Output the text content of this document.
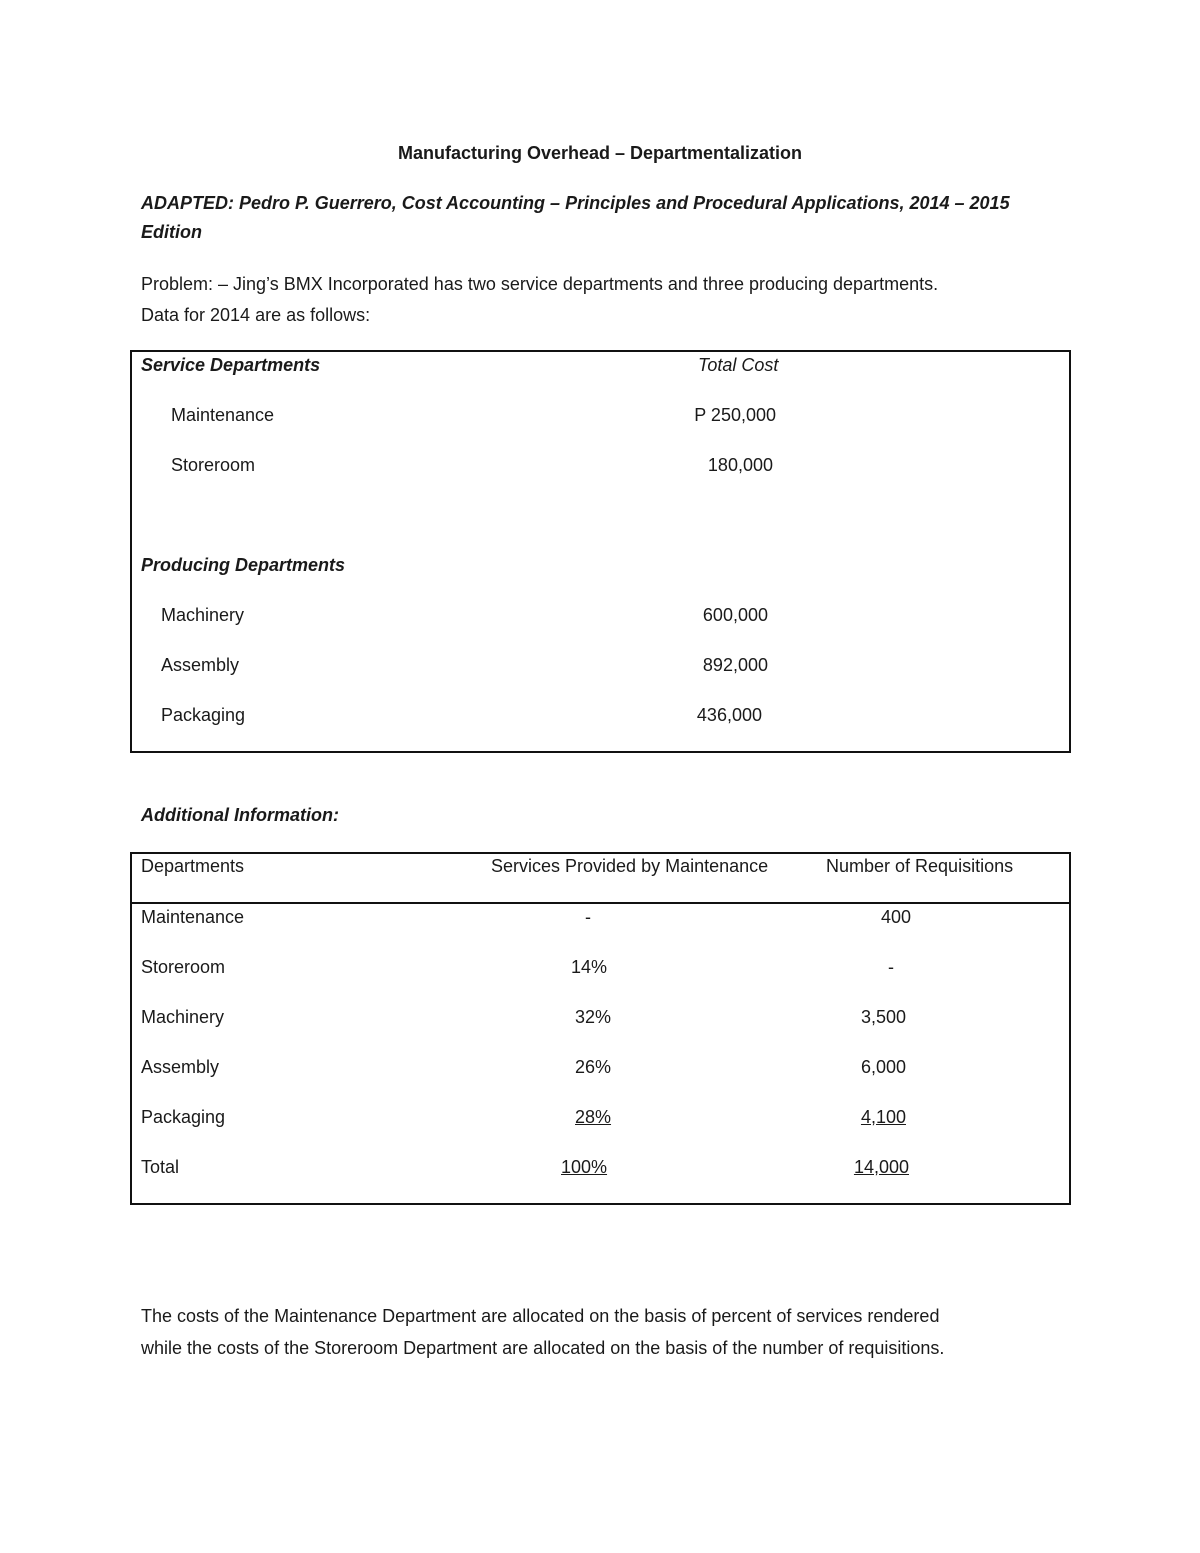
Manufacturing Overhead – Departmentalization
ADAPTED: Pedro P. Guerrero, Cost Accounting – Principles and Procedural Applications, 2014 – 2015
Edition
Problem: – Jing’s BMX Incorporated has two service departments and three producing departments.
Data for 2014 are as follows:
Service Departments	Total Cost
Maintenance	P 250,000
Storeroom	180,000
Producing Departments
Machinery	600,000
Assembly	892,000
Packaging	436,000
Additional Information:
Departments	Services Provided by Maintenance	Number of Requisitions
Maintenance	-	400
Storeroom	14%	-
Machinery	32%	3,500
Assembly	26%	6,000
Packaging	28%	4,100
Total	100%	14,000
The costs of the Maintenance Department are allocated on the basis of percent of services rendered
while the costs of the Storeroom Department are allocated on the basis of the number of requisitions.
